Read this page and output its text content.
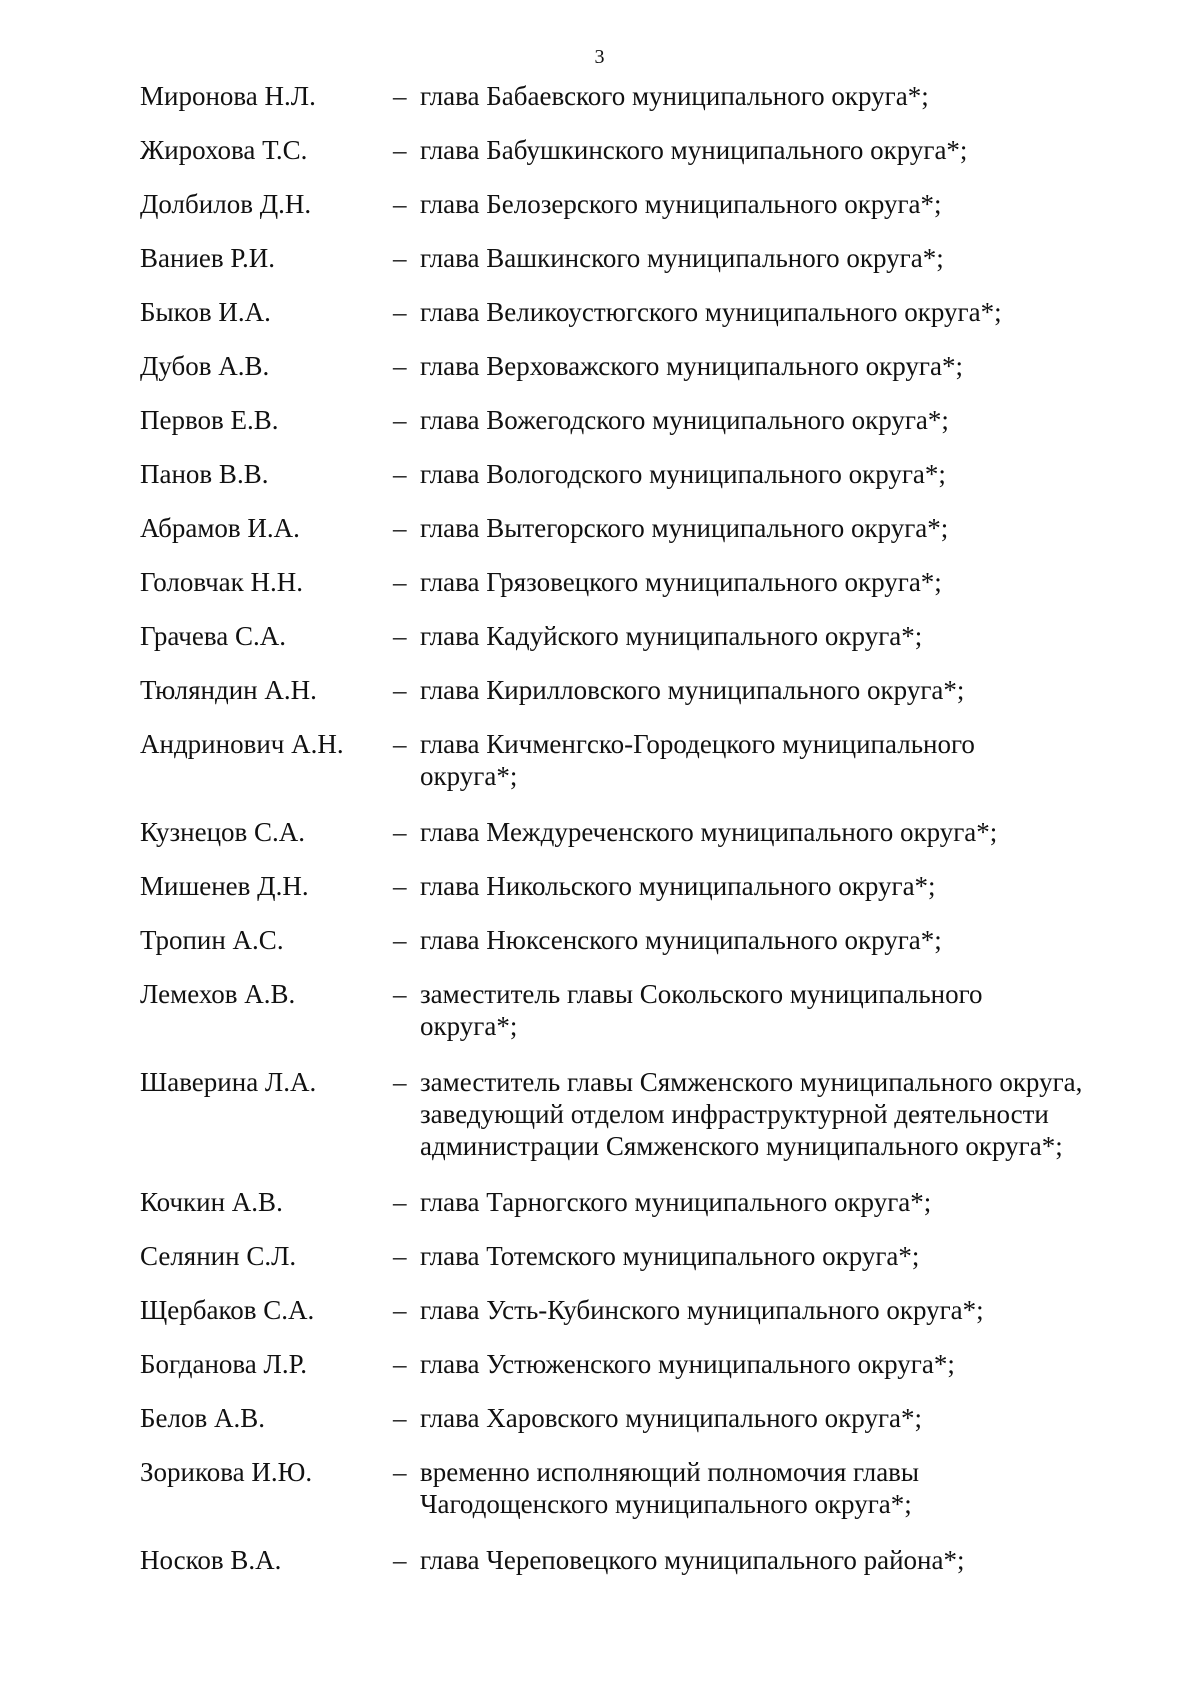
3
Миронова Н.Л.	– глава Бабаевского муниципального округа*;
Жирохова Т.С.	– глава Бабушкинского муниципального округа*;
Долбилов Д.Н.	– глава Белозерского муниципального округа*;
Ваниев Р.И.	– глава Вашкинского муниципального округа*;
Быков И.А.	– глава Великоустюгского муниципального округа*;
Дубов А.В.	– глава Верховажского муниципального округа*;
Первов Е.В.	– глава Вожегодского муниципального округа*;
Панов В.В.	– глава Вологодского муниципального округа*;
Абрамов И.А.	– глава Вытегорского муниципального округа*;
Головчак Н.Н.	– глава Грязовецкого муниципального округа*;
Грачева С.А.	– глава Кадуйского муниципального округа*;
Тюляндин А.Н.	– глава Кирилловского муниципального округа*;
Андринович А.Н.	– глава Кичменгско-Городецкого муниципального округа*;
Кузнецов С.А.	– глава Междуреченского муниципального округа*;
Мишенев Д.Н.	– глава Никольского муниципального округа*;
Тропин А.С.	– глава Нюксенского муниципального округа*;
Лемехов А.В.	– заместитель главы Сокольского муниципального округа*;
Шаверина Л.А.	– заместитель главы Сямженского муниципального округа, заведующий отделом инфраструктурной деятельности администрации Сямженского муниципального округа*;
Кочкин А.В.	– глава Тарногского муниципального округа*;
Селянин С.Л.	– глава Тотемского муниципального округа*;
Щербаков С.А.	– глава Усть-Кубинского муниципального округа*;
Богданова Л.Р.	– глава Устюженского муниципального округа*;
Белов А.В.	– глава Харовского муниципального округа*;
Зорикова И.Ю.	– временно исполняющий полномочия главы Чагодощенского муниципального округа*;
Носков В.А.	– глава Череповецкого муниципального района*;
